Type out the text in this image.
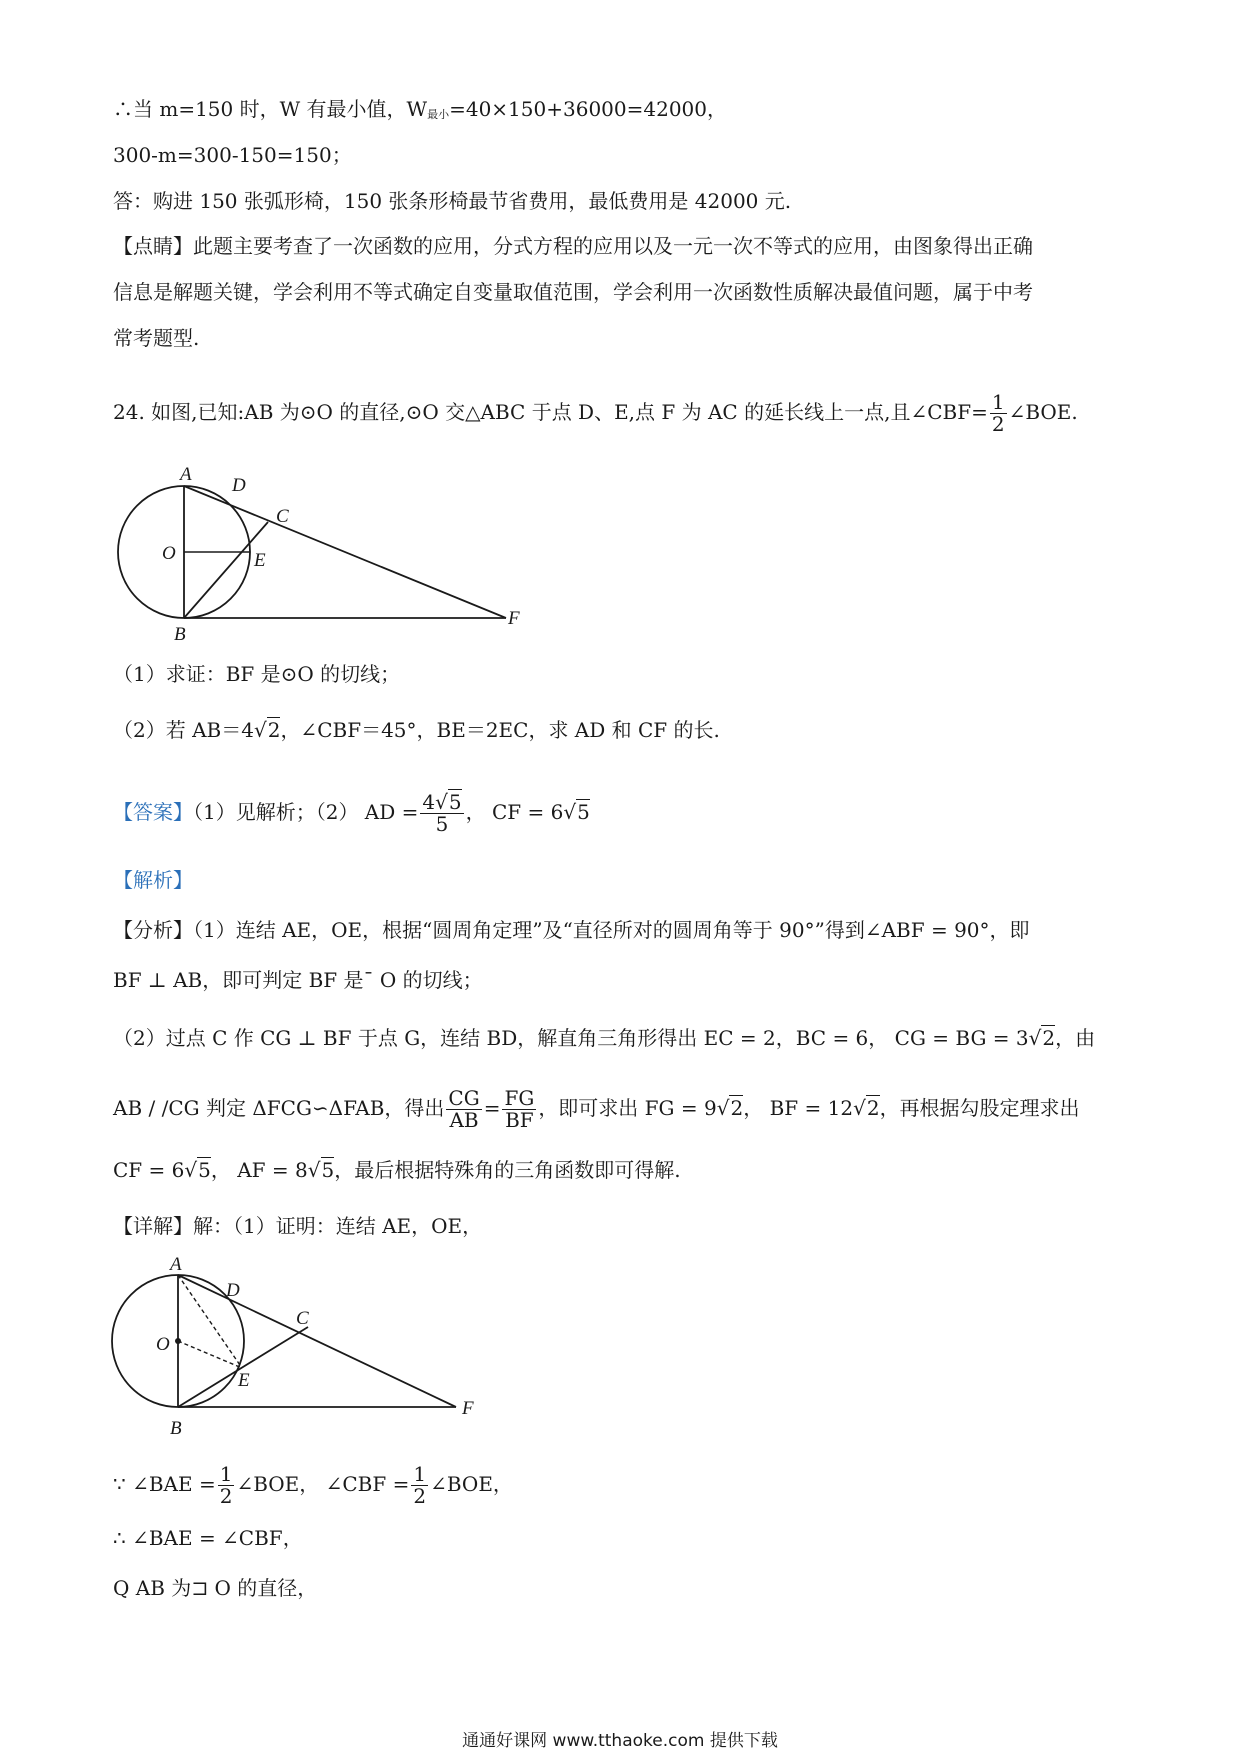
∴当 m=150 时，W 有最小值，W最小=40×150+36000=42000，
300-m=300-150=150；
答：购进 150 张弧形椅，150 张条形椅最节省费用，最低费用是 42000 元.
【点睛】此题主要考查了一次函数的应用，分式方程的应用以及一元一次不等式的应用，由图象得出正确
信息是解题关键，学会利用不等式确定自变量取值范围，学会利用一次函数性质解决最值问题，属于中考
常考题型.
24. 如图,已知:AB 为⊙O 的直径,⊙O 交△ABC 于点 D、E,点 F 为 AC 的延长线上一点,且∠CBF= $\frac{1}{2}$ ∠BOE.
A
D
C
O	E
B
F
（1）求证：BF 是⊙O 的切线；
（2）若 AB＝4√2，∠CBF＝45°，BE＝2EC，求 AD 和 CF 的长.
【答案】（1）见解析；（2） AD = $\frac{4√5}{5}$ ， CF = 6√5
【解析】
【分析】（1）连结 AE，OE，根据“圆周角定理”及“直径所对的圆周角等于 90°”得到∠ABF = 90°，即
BF ⊥ AB，即可判定 BF 是¯ O 的切线；
（2）过点 C 作 CG ⊥ BF 于点 G，连结 BD，解直角三角形得出 EC = 2，BC = 6， CG = BG = 3√2，由
AB / /CG 判定 ΔFCG∽ΔFAB，得出 $\frac{CG}{AB} = \frac{FG}{BF}$ ，即可求出 FG = 9√2， BF = 12√2，再根据勾股定理求出
CF = 6√5， AF = 8√5，最后根据特殊角的三角函数即可得解.
【详解】解：（1）证明：连结 AE，OE，
A
D
C
O
E
B
F
∵ ∠BAE = $\frac{1}{2}$ ∠BOE， ∠CBF = $\frac{1}{2}$ ∠BOE，
∴ ∠BAE = ∠CBF，
Q AB 为⊐ O 的直径，
通通好课网 www.tthaoke.com 提供下载
